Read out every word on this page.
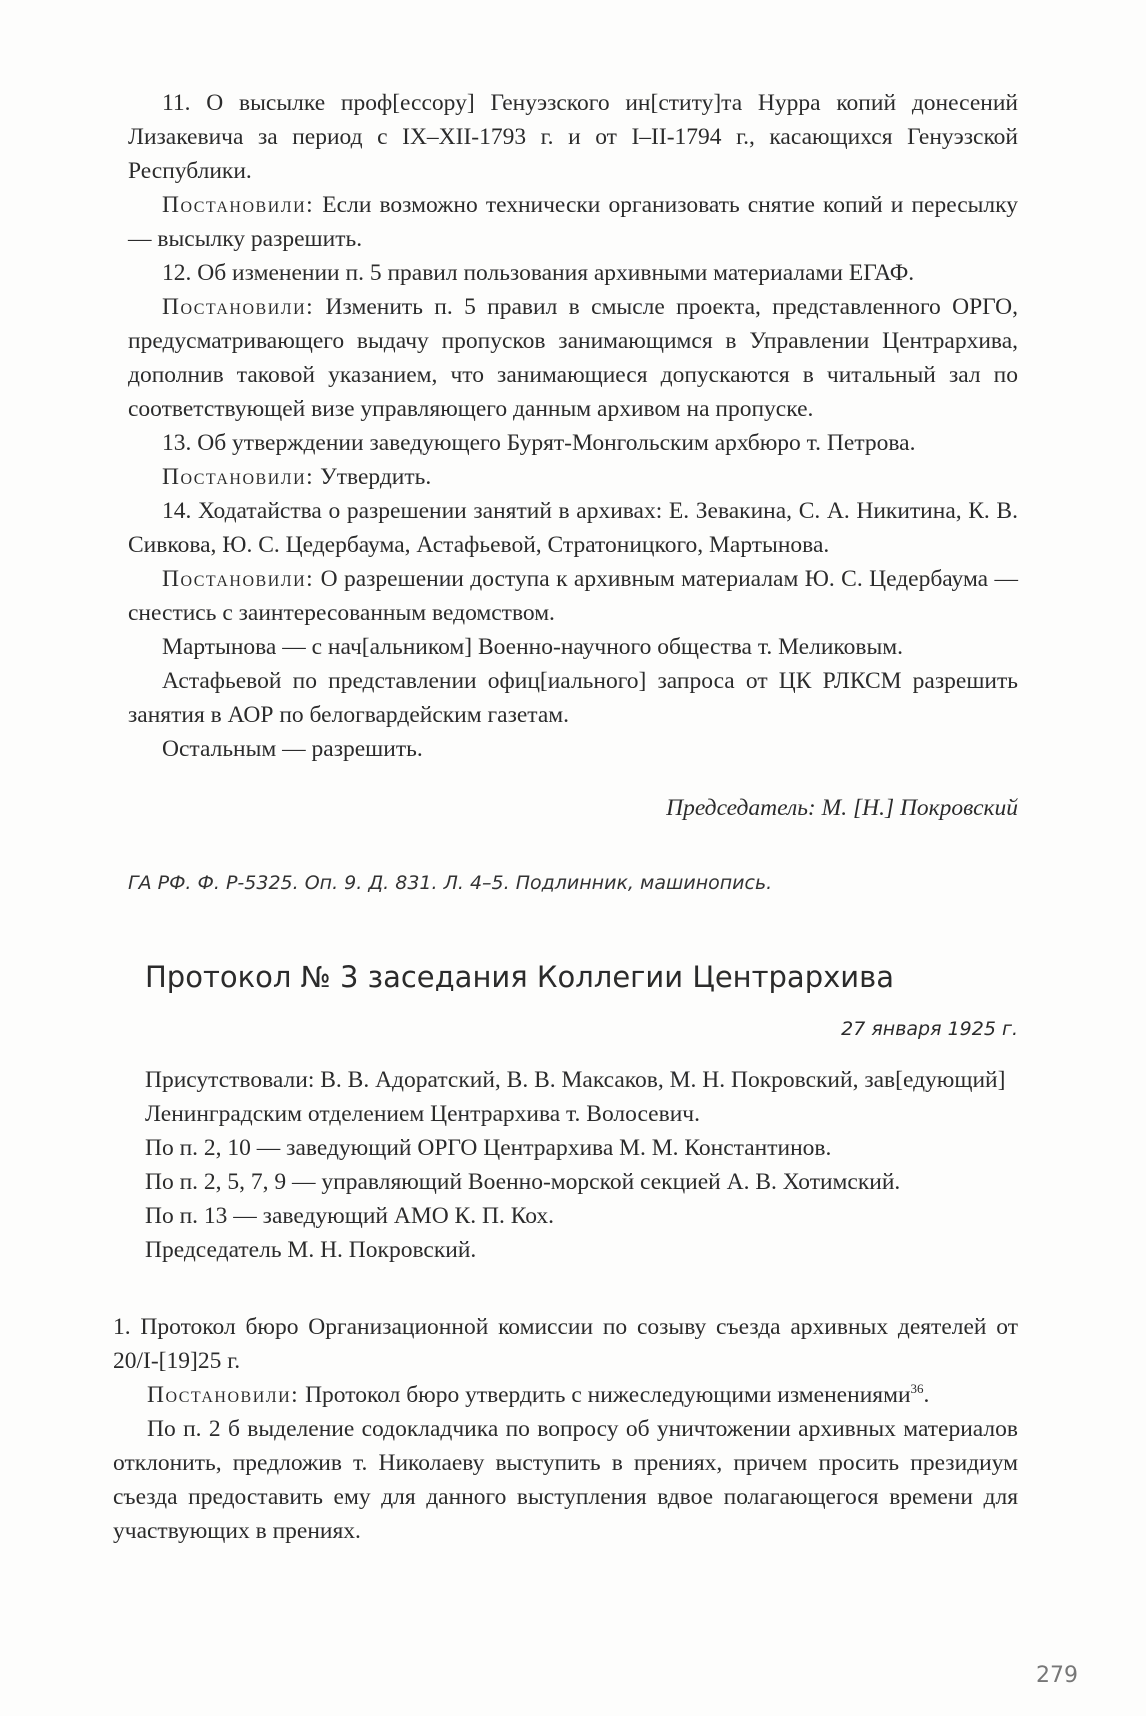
11. О высылке проф[ессору] Генуэзского ин[ститу]та Нурра копий донесений Лизакевича за период с IX–XII-1793 г. и от I–II-1794 г., касающихся Генуэзской Республики.

Постановили: Если возможно технически организовать снятие копий и пересылку — высылку разрешить.

12. Об изменении п. 5 правил пользования архивными материалами ЕГАФ.

Постановили: Изменить п. 5 правил в смысле проекта, представленного ОРГО, предусматривающего выдачу пропусков занимающимся в Управлении Центрархива, дополнив таковой указанием, что занимающиеся допускаются в читальный зал по соответствующей визе управляющего данным архивом на пропуске.

13. Об утверждении заведующего Бурят-Монгольским архбюро т. Петрова.

Постановили: Утвердить.

14. Ходатайства о разрешении занятий в архивах: Е. Зевакина, С. А. Никитина, К. В. Сивкова, Ю. С. Цедербаума, Астафьевой, Стратоницкого, Мартынова.

Постановили: О разрешении доступа к архивным материалам Ю. С. Цедербаума — снестись с заинтересованным ведомством.

Мартынова — с нач[альником] Военно-научного общества т. Меликовым.

Астафьевой по представлении офиц[иального] запроса от ЦК РЛКСМ разрешить занятия в АОР по белогвардейским газетам.

Остальным — разрешить.

Председатель: М. [Н.] Покровский
ГА РФ. Ф. Р-5325. Оп. 9. Д. 831. Л. 4–5. Подлинник, машинопись.
Протокол № 3 заседания Коллегии Центрархива
27 января 1925 г.

Присутствовали: В. В. Адоратский, В. В. Максаков, М. Н. Покровский, зав[едующий] Ленинградским отделением Центрархива т. Волосевич.

По п. 2, 10 — заведующий ОРГО Центрархива М. М. Константинов.

По п. 2, 5, 7, 9 — управляющий Военно-морской секцией А. В. Хотимский.

По п. 13 — заведующий АМО К. П. Кох.

Председатель М. Н. Покровский.

1. Протокол бюро Организационной комиссии по созыву съезда архивных деятелей от 20/I-[19]25 г.

Постановили: Протокол бюро утвердить с нижеследующими изменениями$^{36}$.

По п. 2 б выделение содокладчика по вопросу об уничтожении архивных материалов отклонить, предложив т. Николаеву выступить в прениях, причем просить президиум съезда предоставить ему для данного выступления вдвое полагающегося времени для участвующих в прениях.

279
